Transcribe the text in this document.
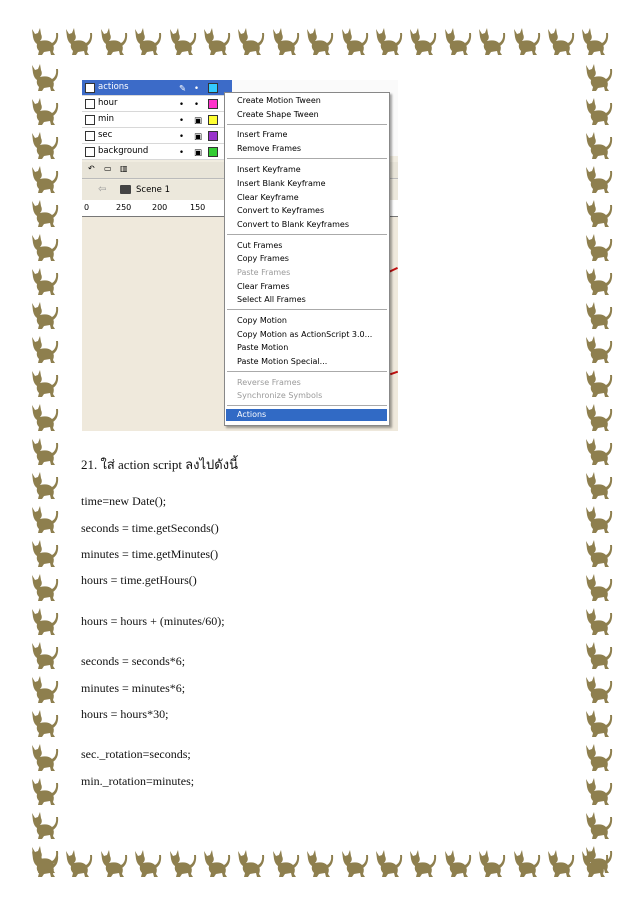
actions	✎ •
hour	• •
min	• ▣
sec	• ▣
background	• ▣
↶ ▭ ▥
⇦	Scene 1
0	250	200	150
Create Motion Tween
Create Shape Tween
Insert Frame
Remove Frames
Insert Keyframe
Insert Blank Keyframe
Clear Keyframe
Convert to Keyframes
Convert to Blank Keyframes
Cut Frames
Copy Frames
Paste Frames
Clear Frames
Select All Frames
Copy Motion
Copy Motion as ActionScript 3.0...
Paste Motion
Paste Motion Special...
Reverse Frames
Synchronize Symbols
Actions
21. ใส่ action script ลงไปดังนี้
time=new Date();
seconds = time.getSeconds()
minutes = time.getMinutes()
hours = time.getHours()
hours = hours + (minutes/60);
seconds = seconds*6;
minutes = minutes*6;
hours = hours*30;
sec._rotation=seconds;
min._rotation=minutes;
